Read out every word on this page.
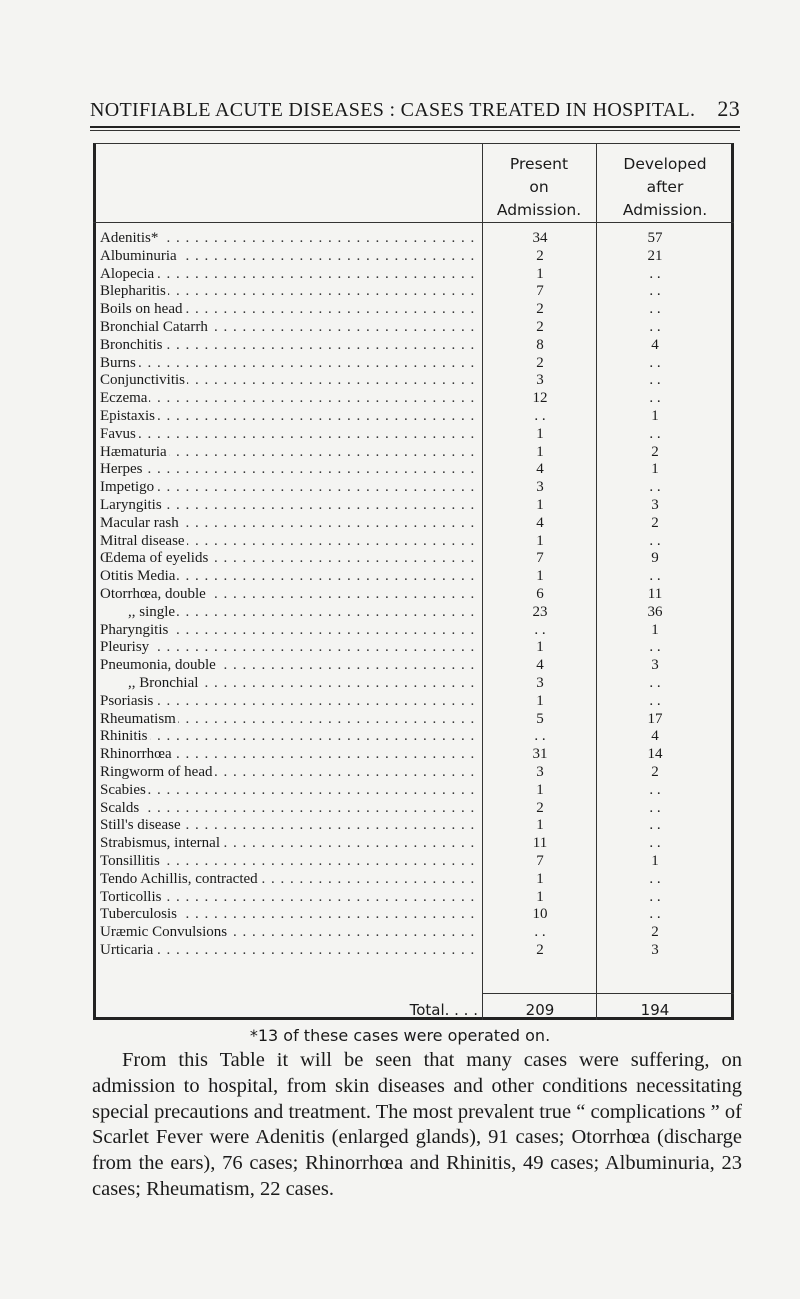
NOTIFIABLE ACUTE DISEASES : CASES TREATED IN HOSPITAL. 23
Present
on
Admission.
Developed
after
Admission.
Adenitis* . . .	34	57
Albuminuria . . .	2	21
Alopecia . . .	1	. .
Blepharitis . . .	7	. .
Boils on head . . .	2	. .
Bronchial Catarrh . . .	2	. .
Bronchitis . . .	8	4
Burns . . .	2	. .
Conjunctivitis . . .	3	. .
Eczema . . .	12	. .
Epistaxis . . .	. .	1
Favus . . .	1	. .
Hæmaturia . . .	1	2
Herpes . . .	4	1
Impetigo . . .	3	. .
Laryngitis . . .	1	3
Macular rash . . .	4	2
Mitral disease . . .	1	. .
Œdema of eyelids . . .	7	9
Otitis Media . . .	1	. .
Otorrhœa, double . . .	6	11
,, single . . .	23	36
Pharyngitis . . .	. .	1
Pleurisy . . .	1	. .
Pneumonia, double . . .	4	3
,, Bronchial . . .	3	. .
Psoriasis . . .	1	. .
Rheumatism . . .	5	17
Rhinitis . . .	. .	4
Rhinorrhœa . . .	31	14
Ringworm of head . . .	3	2
Scabies . . .	1	. .
Scalds . . .	2	. .
Still's disease . . .	1	. .
Strabismus, internal . . .	11	. .
Tonsillitis . . .	7	1
Tendo Achillis, contracted . . .	1	. .
Torticollis . . .	1	. .
Tuberculosis . . .	10	. .
Uræmic Convulsions . . .	. .	2
Urticaria . . .	2	3
Total. . . .	209	194
*13 of these cases were operated on.
From this Table it will be seen that many cases were suffering, on admission to hospital, from skin diseases and other conditions necessitating special precautions and treatment. The most prevalent true “ complications ” of Scarlet Fever were Adenitis (enlarged glands), 91 cases; Otorrhœa (discharge from the ears), 76 cases; Rhinorrhœa and Rhinitis, 49 cases; Albuminuria, 23 cases; Rheumatism, 22 cases.
